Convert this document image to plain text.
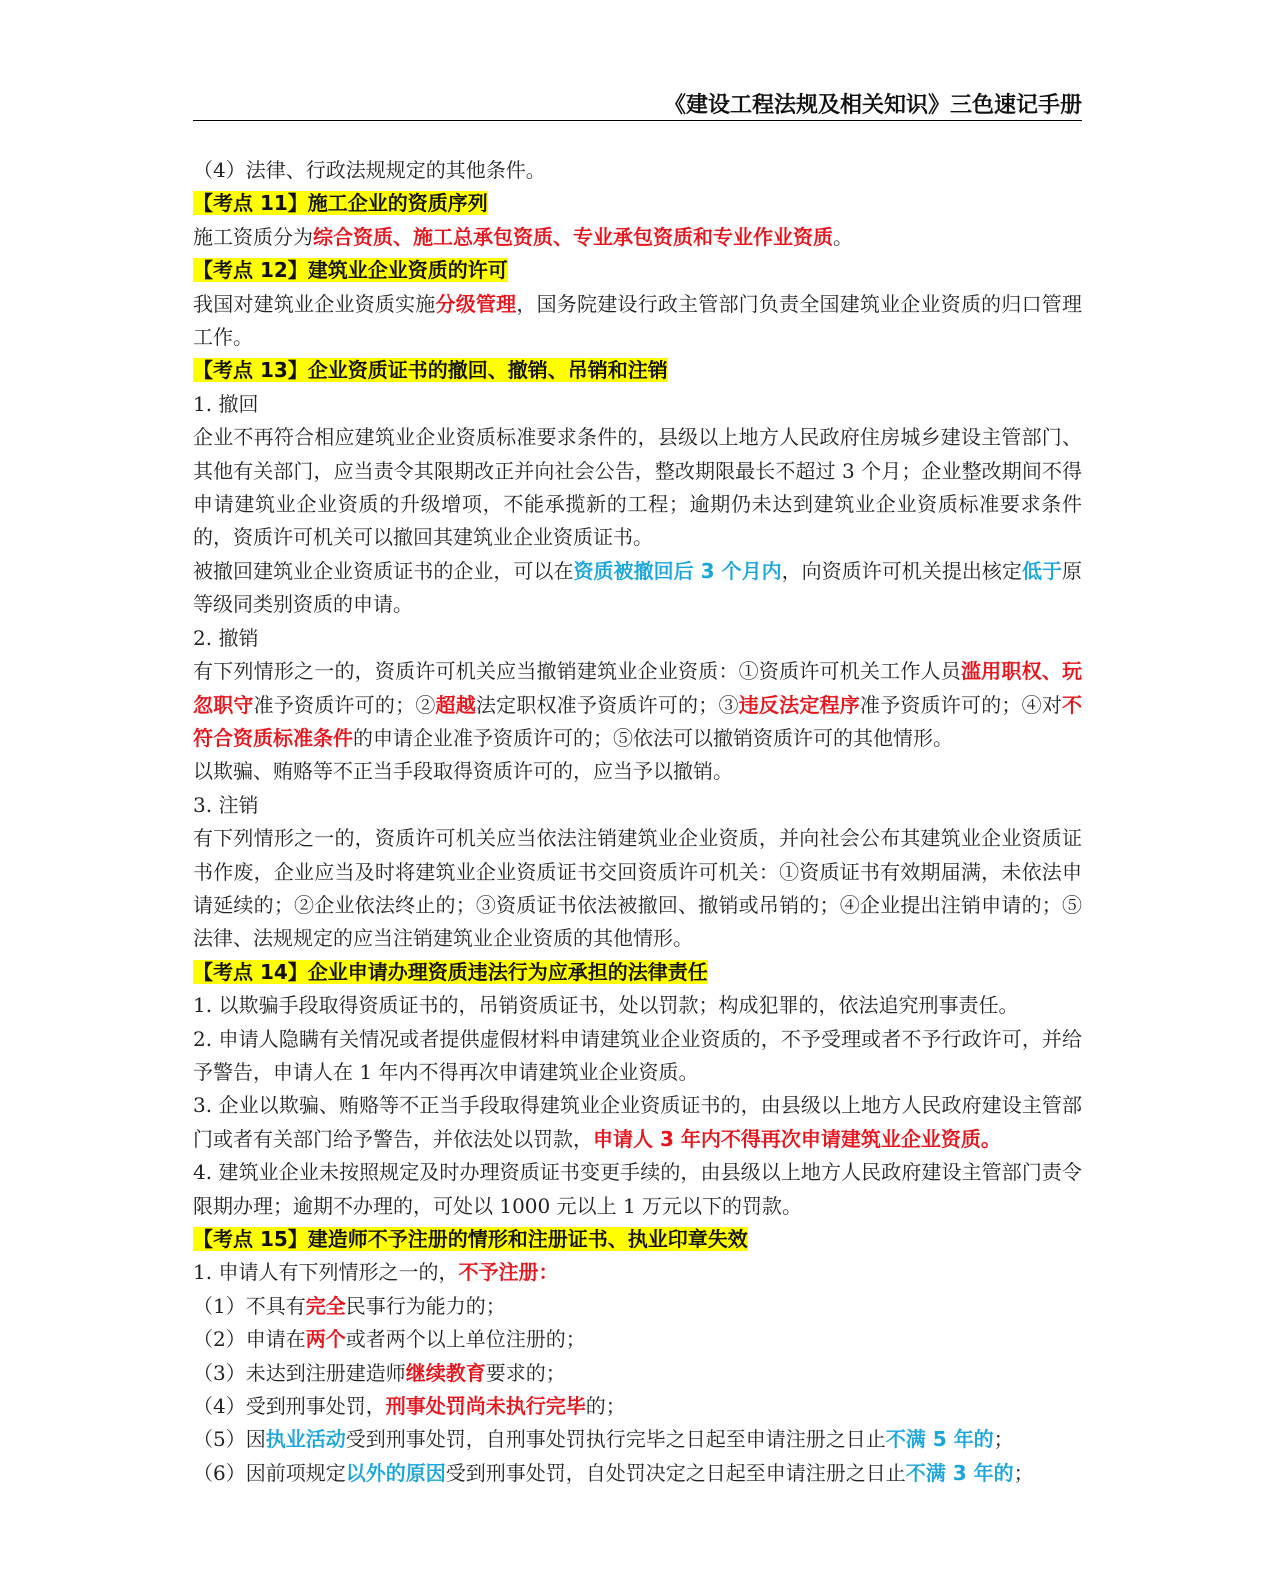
《建设工程法规及相关知识》三色速记手册

（4）法律、行政法规规定的其他条件。

【考点 11】施工企业的资质序列

施工资质分为综合资质、施工总承包资质、专业承包资质和专业作业资质。

【考点 12】建筑业企业资质的许可

我国对建筑业企业资质实施分级管理，国务院建设行政主管部门负责全国建筑业企业资质的归口管理工作。

【考点 13】企业资质证书的撤回、撤销、吊销和注销

1. 撤回

企业不再符合相应建筑业企业资质标准要求条件的，县级以上地方人民政府住房城乡建设主管部门、其他有关部门，应当责令其限期改正并向社会公告，整改期限最长不超过 3 个月；企业整改期间不得申请建筑业企业资质的升级增项，不能承揽新的工程；逾期仍未达到建筑业企业资质标准要求条件的，资质许可机关可以撤回其建筑业企业资质证书。

被撤回建筑业企业资质证书的企业，可以在资质被撤回后 3 个月内，向资质许可机关提出核定低于原等级同类别资质的申请。

2. 撤销

有下列情形之一的，资质许可机关应当撤销建筑业企业资质：①资质许可机关工作人员滥用职权、玩忽职守准予资质许可的；②超越法定职权准予资质许可的；③违反法定程序准予资质许可的；④对不符合资质标准条件的申请企业准予资质许可的；⑤依法可以撤销资质许可的其他情形。

以欺骗、贿赂等不正当手段取得资质许可的，应当予以撤销。

3. 注销

有下列情形之一的，资质许可机关应当依法注销建筑业企业资质，并向社会公布其建筑业企业资质证书作废，企业应当及时将建筑业企业资质证书交回资质许可机关：①资质证书有效期届满，未依法申请延续的；②企业依法终止的；③资质证书依法被撤回、撤销或吊销的；④企业提出注销申请的；⑤法律、法规规定的应当注销建筑业企业资质的其他情形。

【考点 14】企业申请办理资质违法行为应承担的法律责任

1. 以欺骗手段取得资质证书的，吊销资质证书，处以罚款；构成犯罪的，依法追究刑事责任。

2. 申请人隐瞒有关情况或者提供虚假材料申请建筑业企业资质的，不予受理或者不予行政许可，并给予警告，申请人在 1 年内不得再次申请建筑业企业资质。

3. 企业以欺骗、贿赂等不正当手段取得建筑业企业资质证书的，由县级以上地方人民政府建设主管部门或者有关部门给予警告，并依法处以罚款，申请人 3 年内不得再次申请建筑业企业资质。

4. 建筑业企业未按照规定及时办理资质证书变更手续的，由县级以上地方人民政府建设主管部门责令限期办理；逾期不办理的，可处以 1000 元以上 1 万元以下的罚款。

【考点 15】建造师不予注册的情形和注册证书、执业印章失效

1. 申请人有下列情形之一的，不予注册：

（1）不具有完全民事行为能力的；

（2）申请在两个或者两个以上单位注册的；

（3）未达到注册建造师继续教育要求的；

（4）受到刑事处罚，刑事处罚尚未执行完毕的；

（5）因执业活动受到刑事处罚，自刑事处罚执行完毕之日起至申请注册之日止不满 5 年的；

（6）因前项规定以外的原因受到刑事处罚，自处罚决定之日起至申请注册之日止不满 3 年的；
